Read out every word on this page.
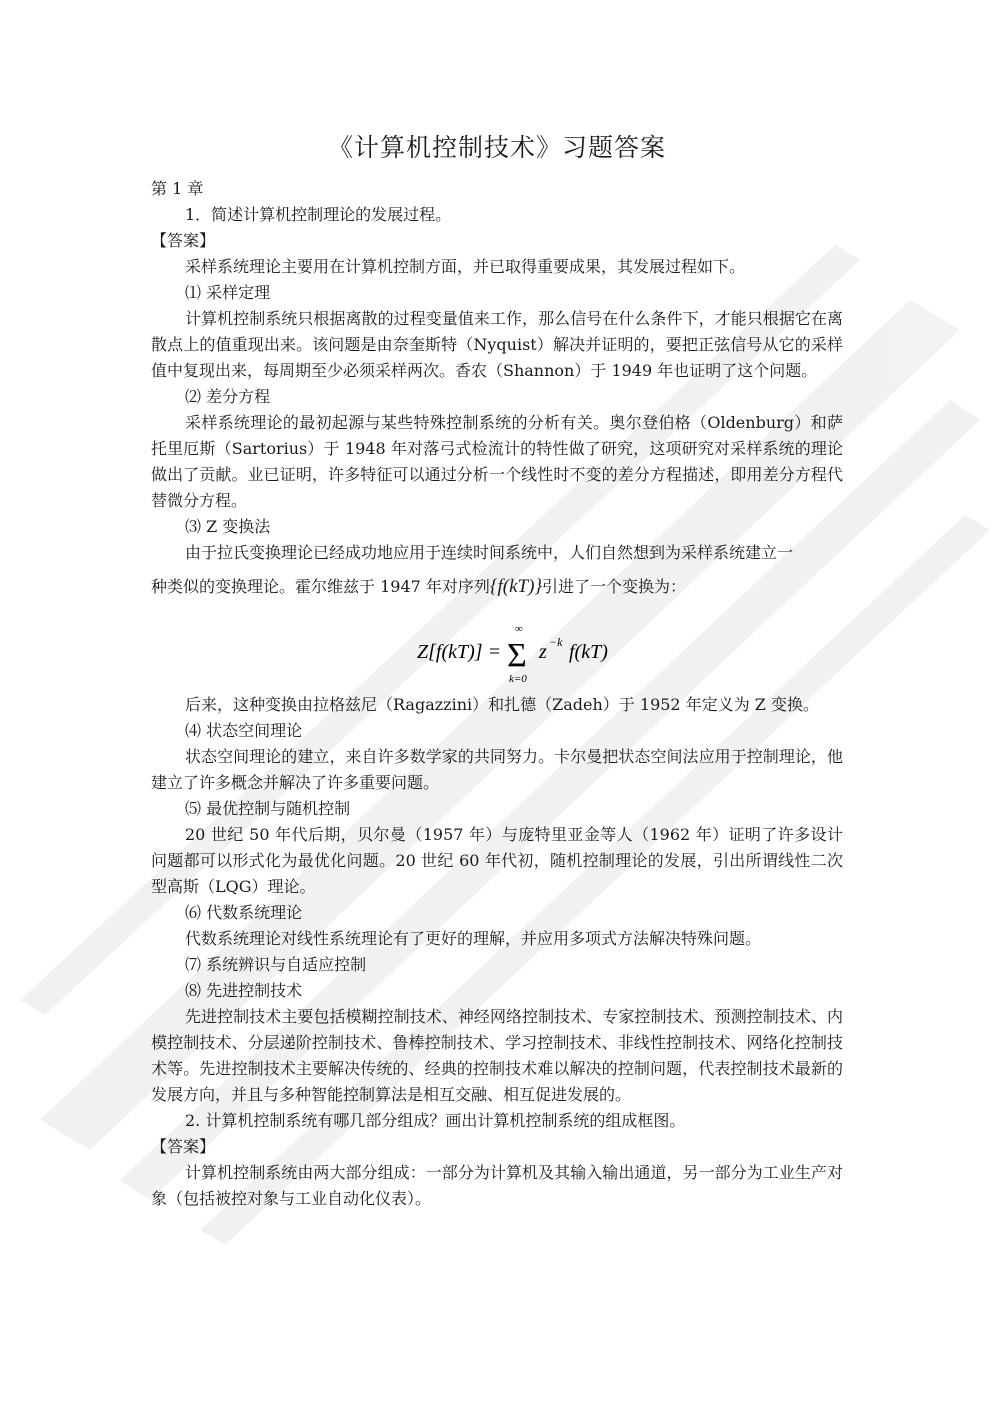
《计算机控制技术》习题答案

第 1 章

1．简述计算机控制理论的发展过程。

【答案】

采样系统理论主要用在计算机控制方面，并已取得重要成果，其发展过程如下。

⑴ 采样定理

计算机控制系统只根据离散的过程变量值来工作，那么信号在什么条件下，才能只根据它在离散点上的值重现出来。该问题是由奈奎斯特（Nyquist）解决并证明的，要把正弦信号从它的采样值中复现出来，每周期至少必须采样两次。香农（Shannon）于 1949 年也证明了这个问题。

⑵ 差分方程

采样系统理论的最初起源与某些特殊控制系统的分析有关。奥尔登伯格（Oldenburg）和萨托里厄斯（Sartorius）于 1948 年对落弓式检流计的特性做了研究，这项研究对采样系统的理论做出了贡献。业已证明，许多特征可以通过分析一个线性时不变的差分方程描述，即用差分方程代替微分方程。

⑶ Z 变换法

由于拉氏变换理论已经成功地应用于连续时间系统中，人们自然想到为采样系统建立一

种类似的变换理论。霍尔维兹于 1947 年对序列{f(kT)}引进了一个变换为：

Z[f(kT)] =
∞
Σ
k=0
z −k f(kT)

后来，这种变换由拉格兹尼（Ragazzini）和扎德（Zadeh）于 1952 年定义为 Z 变换。

⑷ 状态空间理论

状态空间理论的建立，来自许多数学家的共同努力。卡尔曼把状态空间法应用于控制理论，他建立了许多概念并解决了许多重要问题。

⑸ 最优控制与随机控制

20 世纪 50 年代后期，贝尔曼（1957 年）与庞特里亚金等人（1962 年）证明了许多设计问题都可以形式化为最优化问题。20 世纪 60 年代初，随机控制理论的发展，引出所谓线性二次型高斯（LQG）理论。

⑹ 代数系统理论

代数系统理论对线性系统理论有了更好的理解，并应用多项式方法解决特殊问题。

⑺ 系统辨识与自适应控制

⑻ 先进控制技术

先进控制技术主要包括模糊控制技术、神经网络控制技术、专家控制技术、预测控制技术、内模控制技术、分层递阶控制技术、鲁棒控制技术、学习控制技术、非线性控制技术、网络化控制技术等。先进控制技术主要解决传统的、经典的控制技术难以解决的控制问题，代表控制技术最新的发展方向，并且与多种智能控制算法是相互交融、相互促进发展的。

2. 计算机控制系统有哪几部分组成？画出计算机控制系统的组成框图。

【答案】

计算机控制系统由两大部分组成：一部分为计算机及其输入输出通道，另一部分为工业生产对象（包括被控对象与工业自动化仪表）。
